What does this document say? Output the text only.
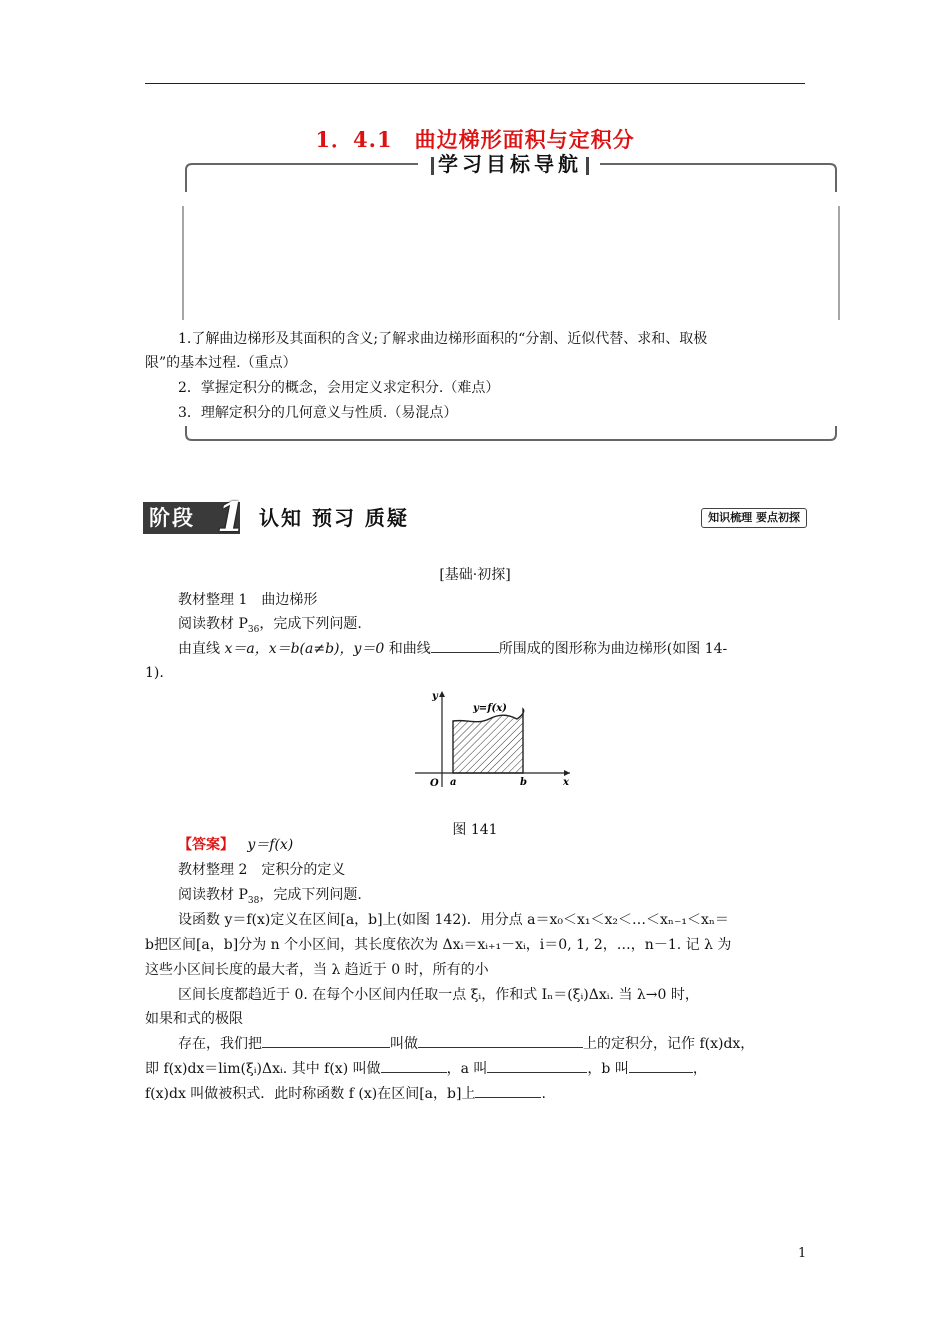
1．4.1　曲边梯形面积与定积分
学习目标导航
1.了解曲边梯形及其面积的含义;了解求曲边梯形面积的“分割、近似代替、求和、取极
限”的基本过程.（重点）
2．掌握定积分的概念，会用定义求定积分.（难点）
3．理解定积分的几何意义与性质.（易混点）
阶段 1 认知 预习 质疑	知识梳理 要点初探
[基础·初探]
教材整理 1　曲边梯形
阅读教材 $P_{36}$，完成下列问题.
由直线 x＝a，x＝b(a≠b)，y＝0 和曲线	所围成的图形称为曲边梯形(如图 14-
1).
y
x
O a	b
y=f(x)
图 141
【答案】 y＝f(x)
教材整理 2　定积分的定义
阅读教材 $P_{38}$，完成下列问题.
设函数 y＝f(x)定义在区间[a，b]上(如图 142)．用分点 a＝x₀＜x₁＜x₂＜…＜xₙ₋₁＜xₙ＝
b把区间[a，b]分为 n 个小区间，其长度依次为 Δxᵢ＝xᵢ₊₁－xᵢ，i＝0, 1, 2，…，n－1. 记 λ 为
这些小区间长度的最大者，当 λ 趋近于 0 时，所有的小
区间长度都趋近于 0. 在每个小区间内任取一点 ξᵢ，作和式 Iₙ＝(ξᵢ)Δxᵢ. 当 λ→0 时，
如果和式的极限
存在，我们把	叫做	上的定积分，记作 f(x)dx，
即 f(x)dx＝lim(ξᵢ)Δxᵢ. 其中 f(x) 叫做	，a 叫	，b 叫	，
f(x)dx 叫做被积式．此时称函数 f (x)在区间[a，b]上	.
1
